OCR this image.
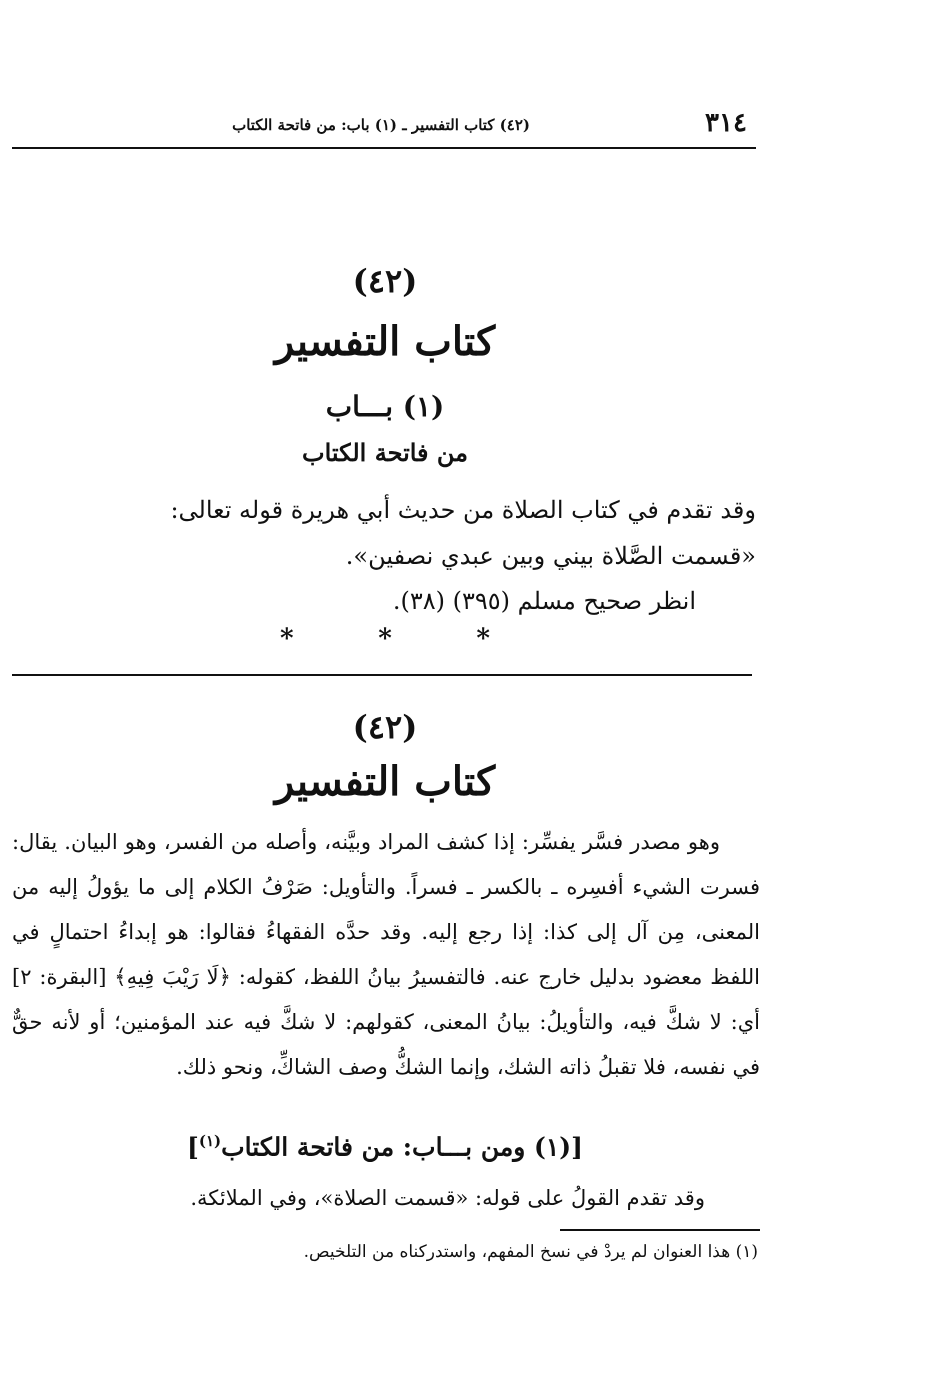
٣١٤
(٤٢) كتاب التفسير ـ (١) باب: من فاتحة الكتاب
(٤٢)
كتاب التفسير
(١) بـــاب
من فاتحة الكتاب

وقد تقدم في كتاب الصلاة من حديث أبي هريرة قوله تعالى:

«قسمت الصَّلاة بيني وبين عبدي نصفين».

انظر صحيح مسلم (٣٩٥) (٣٨).

*	*	*
(٤٢)
كتاب التفسير
وهو مصدر فسَّر يفسِّر: إذا كشف المراد وبيَّنه، وأصله من الفسر، وهو البيان. يقال: فسرت الشيء أفسِره ـ بالكسر ـ فسراً. والتأويل: صَرْفُ الكلام إلى ما يؤولُ إليه من المعنى، مِن آل إلى كذا: إذا رجع إليه. وقد حدَّه الفقهاءُ فقالوا: هو إبداءُ احتمالٍ في اللفظ معضود بدليل خارج عنه. فالتفسيرُ بيانُ اللفظ، كقوله: ﴿لَا رَيْبَ فِيهِ﴾ [البقرة: ٢] أي: لا شكَّ فيه، والتأويلُ: بيانُ المعنى، كقولهم: لا شكَّ فيه عند المؤمنين؛ أو لأنه حقٌّ في نفسه، فلا تقبلُ ذاته الشك، وإنما الشكُّ وصف الشاكِّ، ونحو ذلك.
[(١) ومن بـــاب: من فاتحة الكتاب$^{(١)}$]
وقد تقدم القولُ على قوله: «قسمت الصلاة»، وفي الملائكة.
(١) هذا العنوان لم يردْ في نسخ المفهم، واستدركناه من التلخيص.
